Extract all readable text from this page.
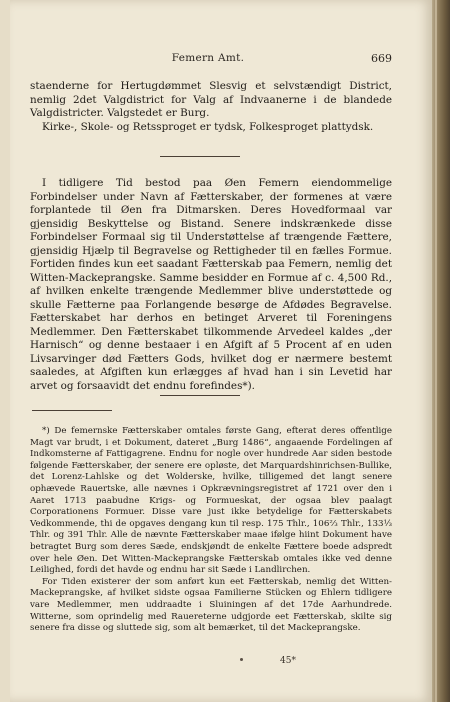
Femern Amt.	669

staenderne for Hertugdømmet Slesvig et selvstændigt District, nemlig 2det Valgdistrict for Valg af Indvaanerne i de blandede Valgdistricter. Valgstedet er Burg.

Kirke-, Skole- og Retssproget er tydsk, Folkesproget plattydsk.

I tidligere Tid bestod paa Øen Femern eiendommelige Forbindelser under Navn af Fætterskaber, der formenes at være forplantede til Øen fra Ditmarsken. Deres Hovedformaal var gjensidig Beskyttelse og Bistand. Senere indskrænkede disse Forbindelser Formaal sig til Understøttelse af trængende Fættere, gjensidig Hjælp til Begravelse og Rettigheder til en fælles Formue. Fortiden findes kun eet saadant Fætterskab paa Femern, nemlig det Witten-Mackeprangske. Samme besidder en Formue af c. 4,500 Rd., af hvilken enkelte trængende Medlemmer blive understøttede og skulle Fætterne paa Forlangende besørge de Afdødes Begravelse. Fætterskabet har derhos en betinget Arveret til Foreningens Medlemmer. Den Fætterskabet tilkommende Arvedeel kaldes „der Harnisch“ og denne bestaaer i en Afgift af 5 Procent af en uden Livsarvinger død Fætters Gods, hvilket dog er nærmere bestemt saaledes, at Afgiften kun erlægges af hvad han i sin Levetid har arvet og forsaavidt det endnu forefindes*).

*) De femernske Fætterskaber omtales første Gang, efterat deres offentlige Magt var brudt, i et Dokument, dateret „Burg 1486“, angaaende Fordelingen af Indkomsterne af Fattigagrene. Endnu for nogle over hundrede Aar siden bestode følgende Fætterskaber, der senere ere opløste, det Marquardshinrichsen-Bullike, det Lorenz-Lahlske og det Wolderske, hvilke, tilligemed det langt senere ophævede Rauertske, alle nævnes i Opkrævningsregistret af 1721 over den i Aaret 1713 paabudne Krigs- og Formueskat, der ogsaa blev paalagt Corporationens Formuer. Disse vare just ikke betydelige for Fætterskabets Vedkommende, thi de opgaves dengang kun til resp. 175 Thlr., 106⅔ Thlr., 133⅓ Thlr. og 391 Thlr. Alle de nævnte Fætterskaber maae ifølge hiint Dokument have betragtet Burg som deres Sæde, endskjøndt de enkelte Fættere boede adspredt over hele Øen. Det Witten-Mackeprangske Fætterskab omtales ikke ved denne Leilighed, fordi det havde og endnu har sit Sæde i Landlirchen.

For Tiden existerer der som anført kun eet Fætterskab, nemlig det Witten-Mackeprangske, af hvilket sidste ogsaa Familierne Stücken og Ehlern tidligere vare Medlemmer, men uddraadte i Sluiningen af det 17de Aarhundrede. Witterne, som oprindelig med Rauereterne udgjorde eet Fætterskab, skilte sig senere fra disse og sluttede sig, som alt bemærket, til det Mackeprangske.

45*
